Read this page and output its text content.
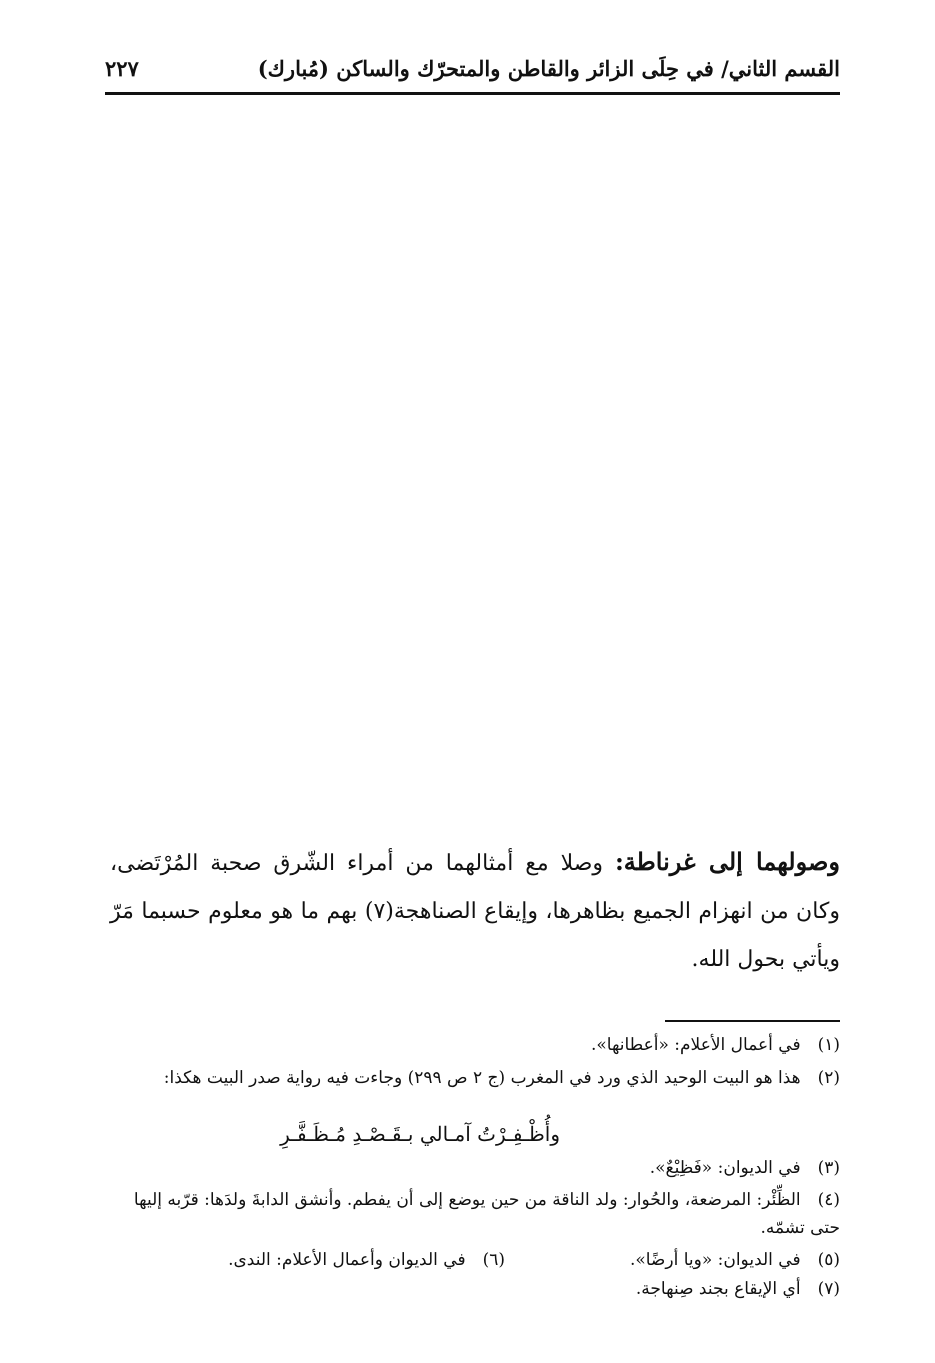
القسم الثاني/ في حِلَى الزائر والقاطن والمتحرّك والساكن (مُبارك)
٢٢٧
وصولهما إلى غرناطة: وصلا مع أمثالهما من أمراء الشّرق صحبة المُرْتَضى، وكان من انهزام الجميع بظاهرها، وإيقاع الصناهجة(٧) بهم ما هو معلوم حسبما مَرّ ويأتي بحول الله.
(١) في أعمال الأعلام: «أعطانها».
(٢) هذا هو البيت الوحيد الذي ورد في المغرب (ج ٢ ص ٢٩٩) وجاءت فيه رواية صدر البيت هكذا:
وأُظْـفِـرْتُ آمـالي بـقَـصْـدِ مُـظَـفَّـرِ
(٣) في الديوان: «فَظِيْعٌ».
(٤) الظِّئْر: المرضعة، والحُوار: ولد الناقة من حين يوضع إلى أن يفطم. وأنشق الدابةَ ولدَها: قرّبه إليها حتى تشمّه.
(٥) في الديوان: «ويا أرضًا».
(٦) في الديوان وأعمال الأعلام: الندى.
(٧) أي الإيقاع بجند صِنهاجة.
